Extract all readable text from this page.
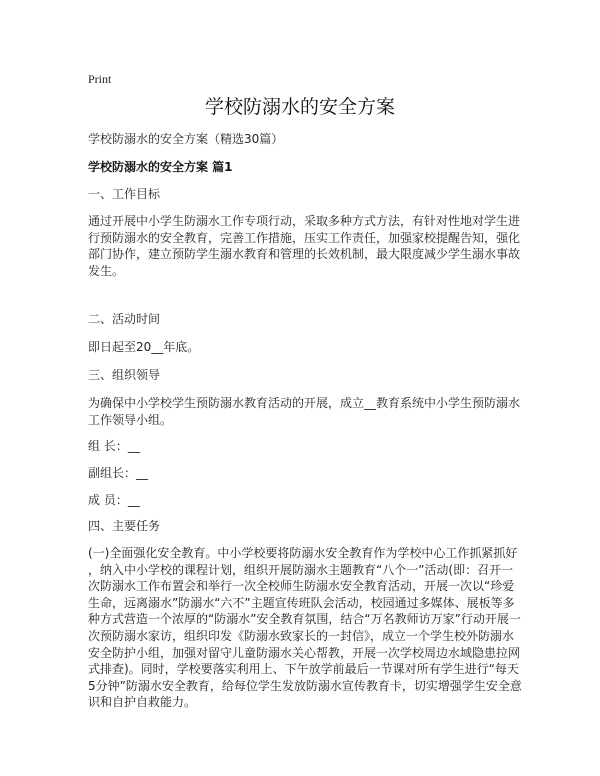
Print
学校防溺水的安全方案
学校防溺水的安全方案（精选30篇）
学校防溺水的安全方案 篇1
一、工作目标
通过开展中小学生防溺水工作专项行动，采取多种方式方法，有针对性地对学生进
行预防溺水的安全教育，完善工作措施，压实工作责任，加强家校提醒告知，强化
部门协作，建立预防学生溺水教育和管理的长效机制，最大限度减少学生溺水事故
发生。
二、活动时间
即日起至20__年底。
三、组织领导
为确保中小学校学生预防溺水教育活动的开展，成立__教育系统中小学生预防溺水
工作领导小组。
组 长：__
副组长：__
成 员：__
四、主要任务
(一)全面强化安全教育。中小学校要将防溺水安全教育作为学校中心工作抓紧抓好
，纳入中小学校的课程计划，组织开展防溺水主题教育“八个一”活动(即：召开一
次防溺水工作布置会和举行一次全校师生防溺水安全教育活动，开展一次以“珍爱
生命，远离溺水”防溺水“六不”主题宣传班队会活动，校园通过多媒体、展板等多
种方式营造一个浓厚的“防溺水”安全教育氛围，结合“万名教师访万家”行动开展一
次预防溺水家访，组织印发《防溺水致家长的一封信》，成立一个学生校外防溺水
安全防护小组，加强对留守儿童防溺水关心帮教，开展一次学校周边水域隐患拉网
式排查)。同时，学校要落实利用上、下午放学前最后一节课对所有学生进行“每天
5分钟”防溺水安全教育，给每位学生发放防溺水宣传教育卡，切实增强学生安全意
识和自护自救能力。
